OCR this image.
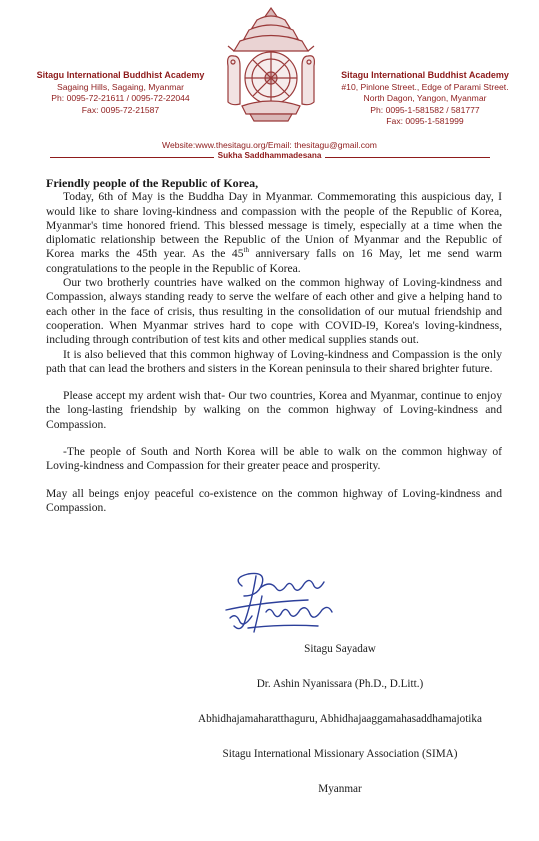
Sitagu International Buddhist Academy
Sagaing Hills, Sagaing, Myanmar
Ph: 0095-72-21611 / 0095-72-22044
Fax: 0095-72-21587
Sitagu International Buddhist Academy
#10, Pinlone Street., Edge of Parami Street.
North Dagon, Yangon, Myanmar
Ph: 0095-1-581582 / 581777
Fax: 0095-1-581999
Website:www.thesitagu.org/Email: thesitagu@gmail.com
Sukha Saddhammadesana

Friendly people of the Republic of Korea,

Today, 6th of May is the Buddha Day in Myanmar. Commemorating this auspicious day, I would like to share loving-kindness and compassion with the people of the Republic of Korea, Myanmar's time honored friend. This blessed message is timely, especially at a time when the diplomatic relationship between the Republic of the Union of Myanmar and the Republic of Korea marks the 45th year. As the 45th anniversary falls on 16 May, let me send warm congratulations to the people in the Republic of Korea.

Our two brotherly countries have walked on the common highway of Loving-kindness and Compassion, always standing ready to serve the welfare of each other and give a helping hand to each other in the face of crisis, thus resulting in the consolidation of our mutual friendship and cooperation. When Myanmar strives hard to cope with COVID-I9, Korea's loving-kindness, including through contribution of test kits and other medical supplies stands out.

It is also believed that this common highway of Loving-kindness and Compassion is the only path that can lead the brothers and sisters in the Korean peninsula to their shared brighter future.

Please accept my ardent wish that- Our two countries, Korea and Myanmar, continue to enjoy the long-lasting friendship by walking on the common highway of Loving-kindness and Compassion.

-The people of South and North Korea will be able to walk on the common highway of Loving-kindness and Compassion for their greater peace and prosperity.

May all beings enjoy peaceful co-existence on the common highway of Loving-kindness and Compassion.

Sitagu Sayadaw
Dr. Ashin Nyanissara (Ph.D., D.Litt.)
Abhidhajamaharatthaguru, Abhidhajaaggamahasaddhamajotika
Sitagu International Missionary Association (SIMA)
Myanmar
